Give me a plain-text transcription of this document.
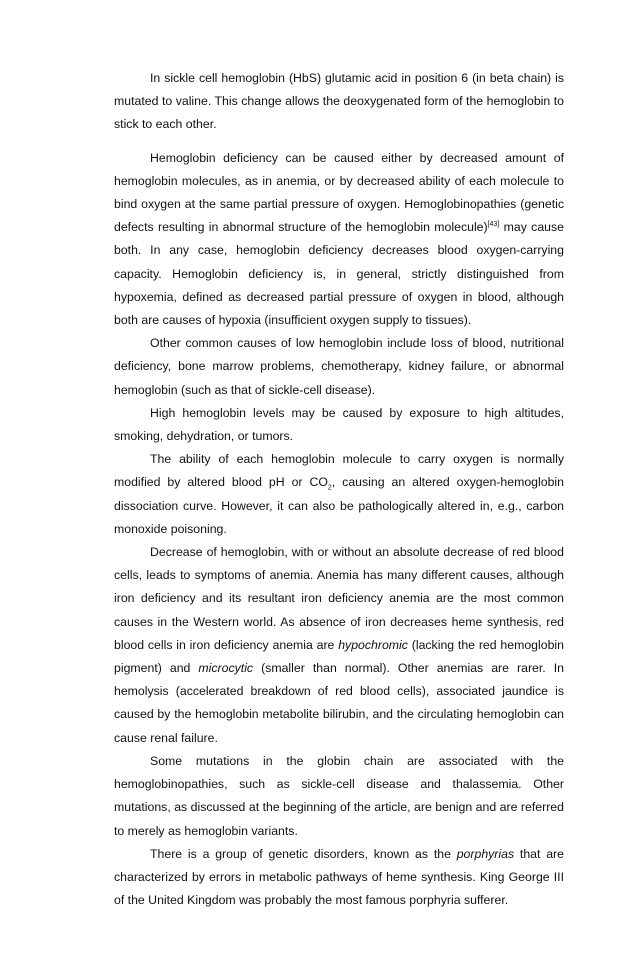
In sickle cell hemoglobin (HbS) glutamic acid in position 6 (in beta chain) is mutated to valine. This change allows the deoxygenated form of the hemoglobin to stick to each other.

Hemoglobin deficiency can be caused either by decreased amount of hemoglobin molecules, as in anemia, or by decreased ability of each molecule to bind oxygen at the same partial pressure of oxygen. Hemoglobinopathies (genetic defects resulting in abnormal structure of the hemoglobin molecule)[43] may cause both. In any case, hemoglobin deficiency decreases blood oxygen-carrying capacity. Hemoglobin deficiency is, in general, strictly distinguished from hypoxemia, defined as decreased partial pressure of oxygen in blood, although both are causes of hypoxia (insufficient oxygen supply to tissues).

Other common causes of low hemoglobin include loss of blood, nutritional deficiency, bone marrow problems, chemotherapy, kidney failure, or abnormal hemoglobin (such as that of sickle-cell disease).

High hemoglobin levels may be caused by exposure to high altitudes, smoking, dehydration, or tumors.

The ability of each hemoglobin molecule to carry oxygen is normally modified by altered blood pH or $CO_2$, causing an altered oxygen-hemoglobin dissociation curve. However, it can also be pathologically altered in, e.g., carbon monoxide poisoning.

Decrease of hemoglobin, with or without an absolute decrease of red blood cells, leads to symptoms of anemia. Anemia has many different causes, although iron deficiency and its resultant iron deficiency anemia are the most common causes in the Western world. As absence of iron decreases heme synthesis, red blood cells in iron deficiency anemia are hypochromic (lacking the red hemoglobin pigment) and microcytic (smaller than normal). Other anemias are rarer. In hemolysis (accelerated breakdown of red blood cells), associated jaundice is caused by the hemoglobin metabolite bilirubin, and the circulating hemoglobin can cause renal failure.

Some mutations in the globin chain are associated with the hemoglobinopathies, such as sickle-cell disease and thalassemia. Other mutations, as discussed at the beginning of the article, are benign and are referred to merely as hemoglobin variants.

There is a group of genetic disorders, known as the porphyrias that are characterized by errors in metabolic pathways of heme synthesis. King George III of the United Kingdom was probably the most famous porphyria sufferer.
